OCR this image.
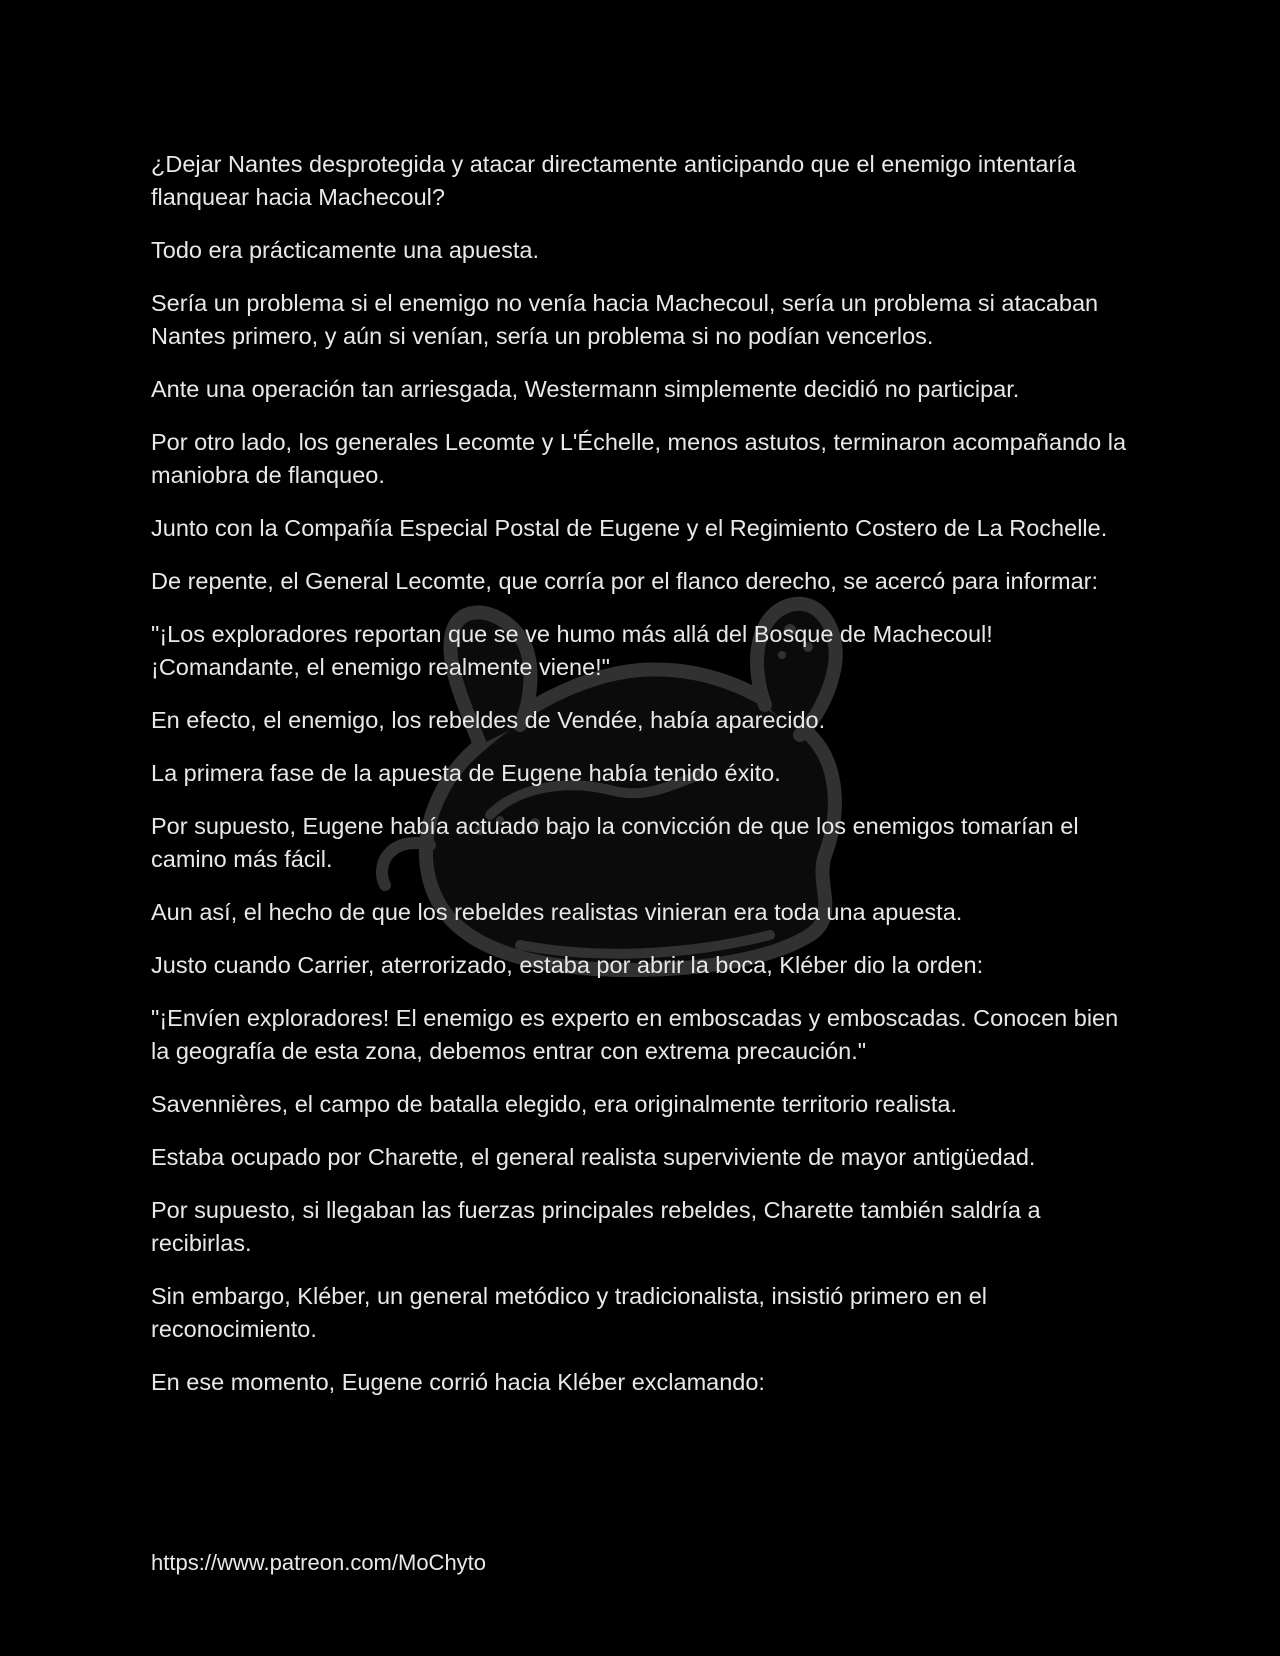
¿Dejar Nantes desprotegida y atacar directamente anticipando que el enemigo intentaría flanquear hacia Machecoul?

Todo era prácticamente una apuesta.

Sería un problema si el enemigo no venía hacia Machecoul, sería un problema si atacaban Nantes primero, y aún si venían, sería un problema si no podían vencerlos.

Ante una operación tan arriesgada, Westermann simplemente decidió no participar.

Por otro lado, los generales Lecomte y L'Échelle, menos astutos, terminaron acompañando la maniobra de flanqueo.

Junto con la Compañía Especial Postal de Eugene y el Regimiento Costero de La Rochelle.

De repente, el General Lecomte, que corría por el flanco derecho, se acercó para informar:

"¡Los exploradores reportan que se ve humo más allá del Bosque de Machecoul! ¡Comandante, el enemigo realmente viene!"

En efecto, el enemigo, los rebeldes de Vendée, había aparecido.

La primera fase de la apuesta de Eugene había tenido éxito.

Por supuesto, Eugene había actuado bajo la convicción de que los enemigos tomarían el camino más fácil.

Aun así, el hecho de que los rebeldes realistas vinieran era toda una apuesta.

Justo cuando Carrier, aterrorizado, estaba por abrir la boca, Kléber dio la orden:

"¡Envíen exploradores! El enemigo es experto en emboscadas y emboscadas. Conocen bien la geografía de esta zona, debemos entrar con extrema precaución."

Savennières, el campo de batalla elegido, era originalmente territorio realista.

Estaba ocupado por Charette, el general realista superviviente de mayor antigüedad.

Por supuesto, si llegaban las fuerzas principales rebeldes, Charette también saldría a recibirlas.

Sin embargo, Kléber, un general metódico y tradicionalista, insistió primero en el reconocimiento.

En ese momento, Eugene corrió hacia Kléber exclamando:

https://www.patreon.com/MoChyto
